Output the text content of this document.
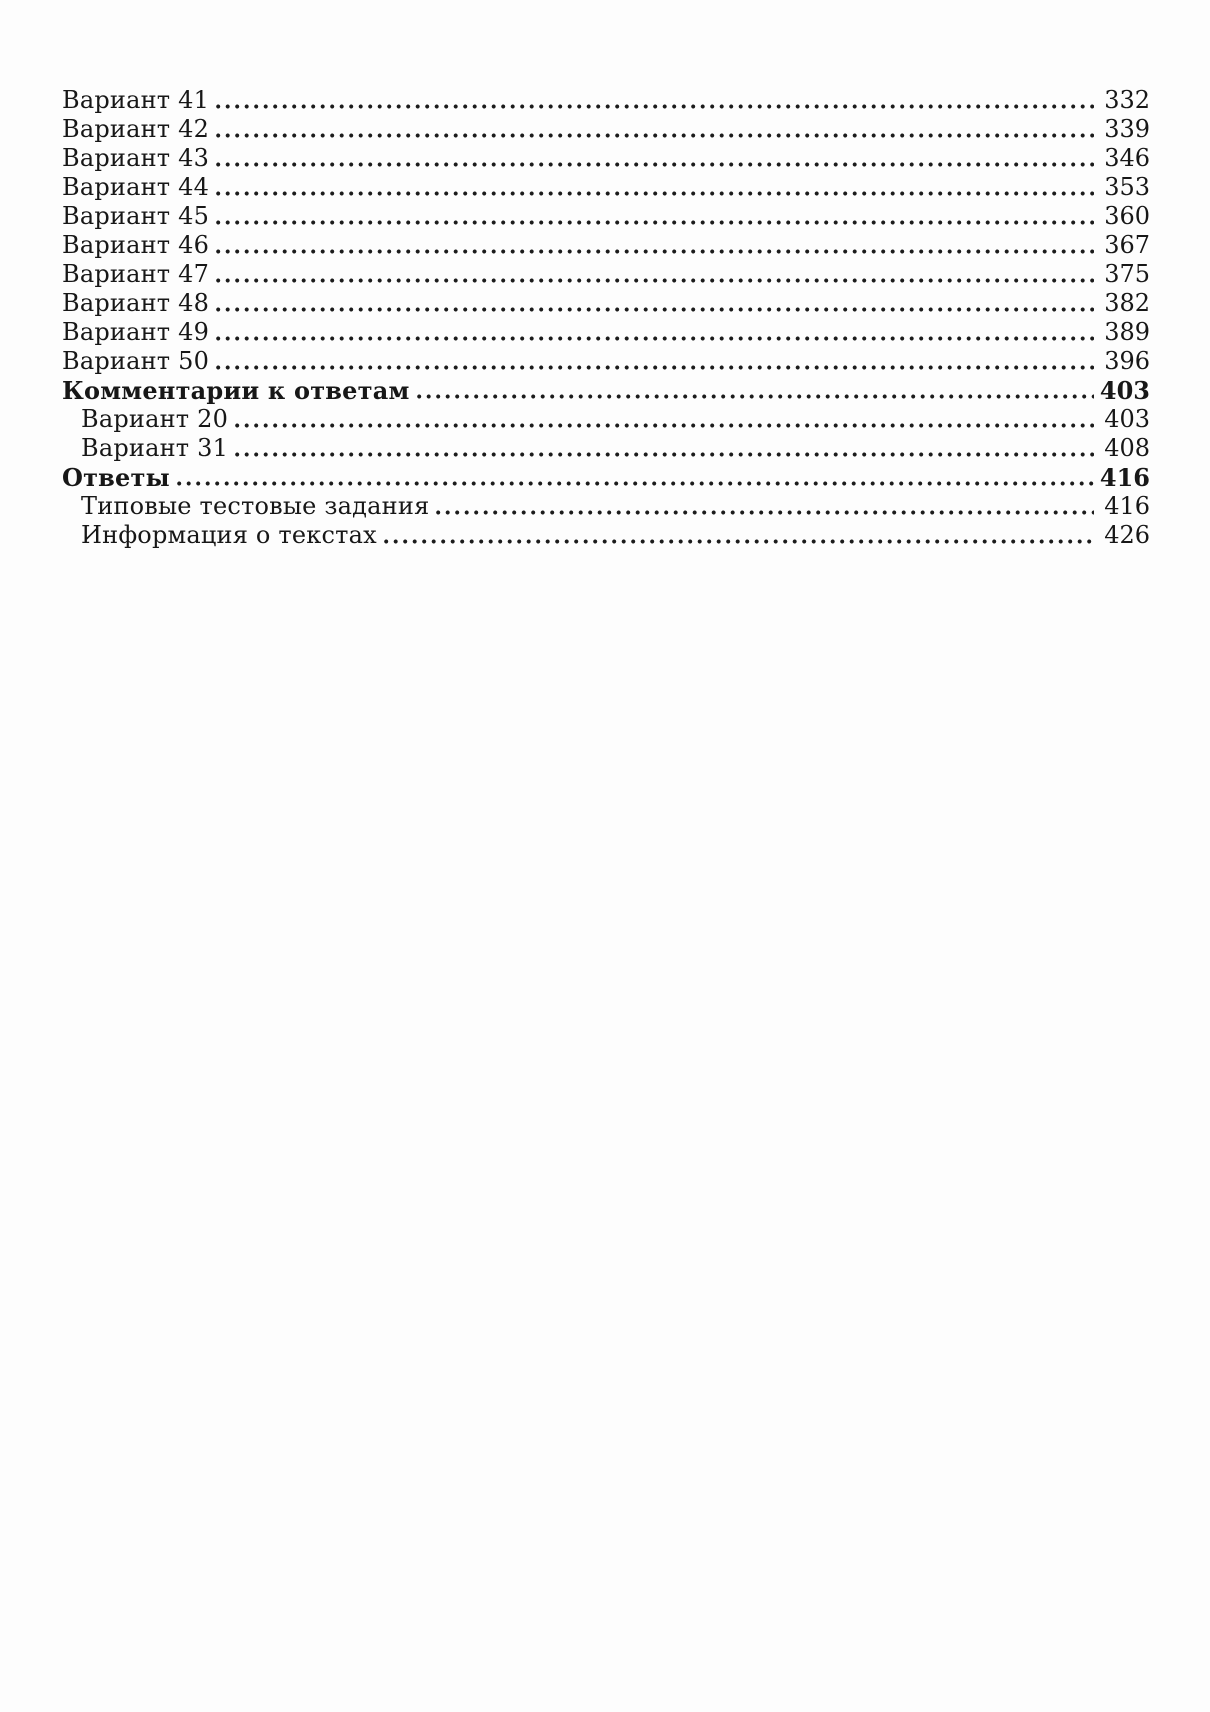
Вариант 41	332
Вариант 42	339
Вариант 43	346
Вариант 44	353
Вариант 45	360
Вариант 46	367
Вариант 47	375
Вариант 48	382
Вариант 49	389
Вариант 50	396
Комментарии к ответам	403
Вариант 20	403
Вариант 31	408
Ответы	416
Типовые тестовые задания	416
Информация о текстах	426
